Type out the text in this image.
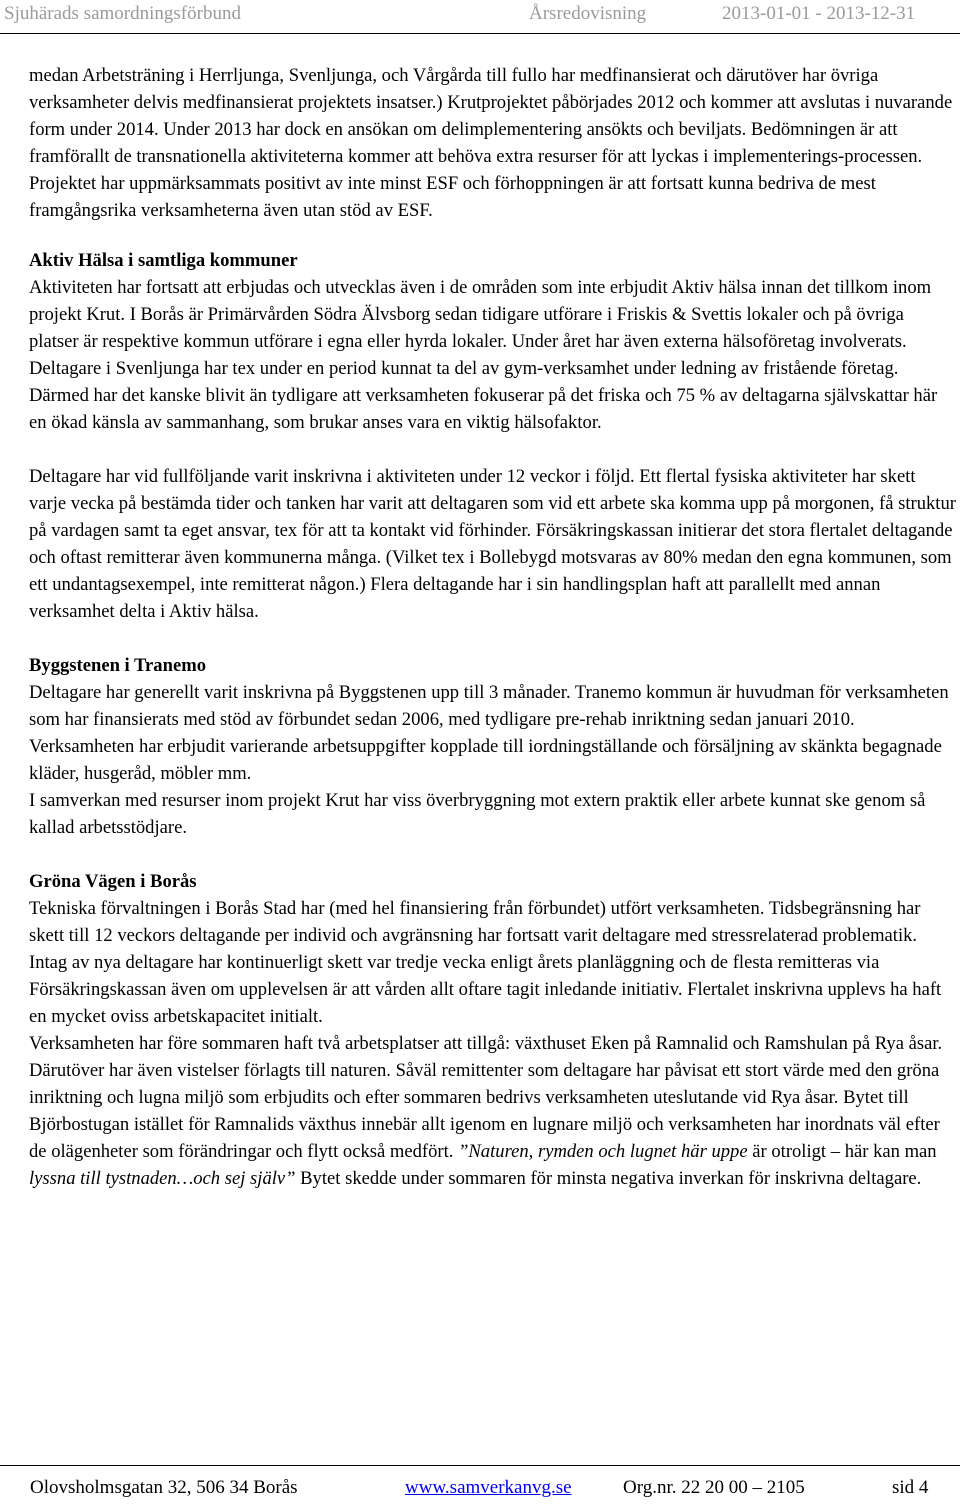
Sjuhärads samordningsförbund	Årsredovisning	2013-01-01 - 2013-12-31

medan Arbetsträning i Herrljunga, Svenljunga, och Vårgårda till fullo har medfinansierat och därutöver har övriga verksamheter delvis medfinansierat projektets insatser.) Krutprojektet påbörjades 2012 och kommer att avslutas i nuvarande form under 2014. Under 2013 har dock en ansökan om delimplementering ansökts och beviljats. Bedömningen är att framförallt de transnationella aktiviteterna kommer att behöva extra resurser för att lyckas i implementerings-processen. Projektet har uppmärksammats positivt av inte minst ESF och förhoppningen är att fortsatt kunna bedriva de mest framgångsrika verksamheterna även utan stöd av ESF.

Aktiv Hälsa i samtliga kommuner

Aktiviteten har fortsatt att erbjudas och utvecklas även i de områden som inte erbjudit Aktiv hälsa innan det tillkom inom projekt Krut. I Borås är Primärvården Södra Älvsborg sedan tidigare utförare i Friskis & Svettis lokaler och på övriga platser är respektive kommun utförare i egna eller hyrda lokaler. Under året har även externa hälsoföretag involverats. Deltagare i Svenljunga har tex under en period kunnat ta del av gym-verksamhet under ledning av fristående företag. Därmed har det kanske blivit än tydligare att verksamheten fokuserar på det friska och 75 % av deltagarna självskattar här en ökad känsla av sammanhang, som brukar anses vara en viktig hälsofaktor.

Deltagare har vid fullföljande varit inskrivna i aktiviteten under 12 veckor i följd. Ett flertal fysiska aktiviteter har skett varje vecka på bestämda tider och tanken har varit att deltagaren som vid ett arbete ska komma upp på morgonen, få struktur på vardagen samt ta eget ansvar, tex för att ta kontakt vid förhinder. Försäkringskassan initierar det stora flertalet deltagande och oftast remitterar även kommunerna många. (Vilket tex i Bollebygd motsvaras av 80% medan den egna kommunen, som ett undantagsexempel, inte remitterat någon.) Flera deltagande har i sin handlingsplan haft att parallellt med annan verksamhet delta i Aktiv hälsa.

Byggstenen i Tranemo

Deltagare har generellt varit inskrivna på Byggstenen upp till 3 månader. Tranemo kommun är huvudman för verksamheten som har finansierats med stöd av förbundet sedan 2006, med tydligare pre-rehab inriktning sedan januari 2010.

Verksamheten har erbjudit varierande arbetsuppgifter kopplade till iordningställande och försäljning av skänkta begagnade kläder, husgeråd, möbler mm.

I samverkan med resurser inom projekt Krut har viss överbryggning mot extern praktik eller arbete kunnat ske genom så kallad arbetsstödjare.

Gröna Vägen i Borås

Tekniska förvaltningen i Borås Stad har (med hel finansiering från förbundet) utfört verksamheten. Tidsbegränsning har skett till 12 veckors deltagande per individ och avgränsning har fortsatt varit deltagare med stressrelaterad problematik. Intag av nya deltagare har kontinuerligt skett var tredje vecka enligt årets planläggning och de flesta remitteras via Försäkringskassan även om upplevelsen är att vården allt oftare tagit inledande initiativ. Flertalet inskrivna upplevs ha haft en mycket oviss arbetskapacitet initialt.

Verksamheten har före sommaren haft två arbetsplatser att tillgå: växthuset Eken på Ramnalid och Ramshulan på Rya åsar. Därutöver har även vistelser förlagts till naturen. Såväl remittenter som deltagare har påvisat ett stort värde med den gröna inriktning och lugna miljö som erbjudits och efter sommaren bedrivs verksamheten uteslutande vid Rya åsar. Bytet till Björbostugan istället för Ramnalids växthus innebär allt igenom en lugnare miljö och verksamheten har inordnats väl efter de olägenheter som förändringar och flytt också medfört. ”Naturen, rymden och lugnet här uppe är otroligt – här kan man lyssna till tystnaden…och sej själv” Bytet skedde under sommaren för minsta negativa inverkan för inskrivna deltagare.

Olovsholmsgatan 32, 506 34 Borås	www.samverkanvg.se	Org.nr. 22 20 00 – 2105	sid 4
